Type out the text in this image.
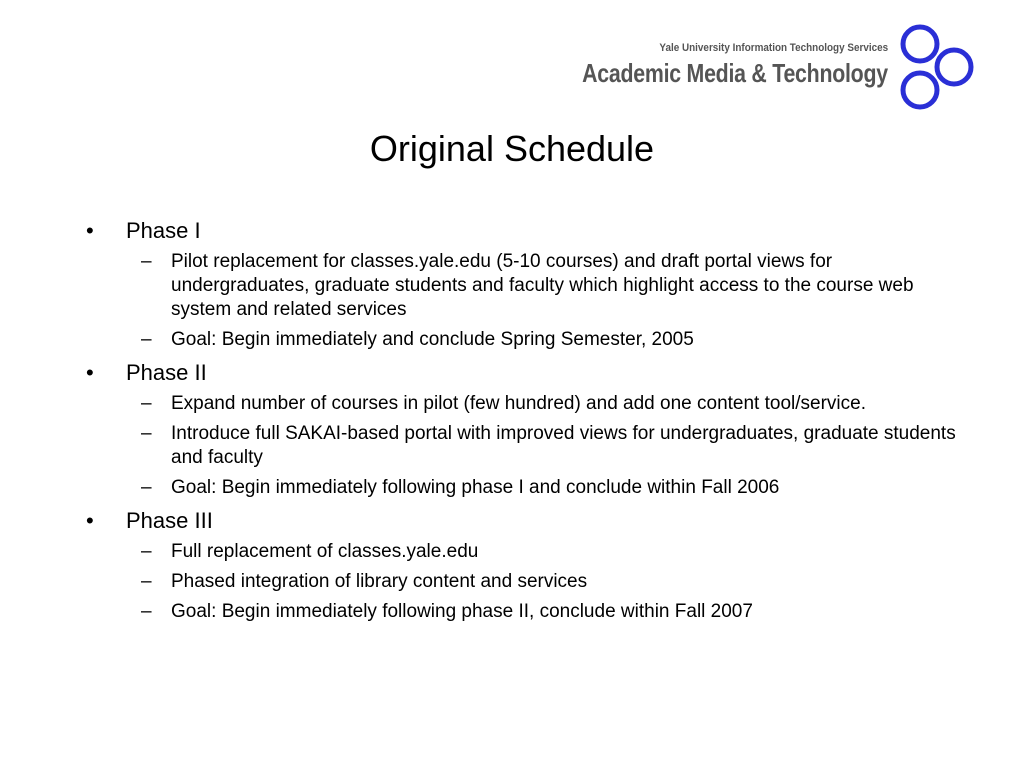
Yale University Information Technology Services
Academic Media & Technology
Original Schedule
• Phase I
– Pilot replacement for classes.yale.edu (5-10 courses) and draft portal views for undergraduates, graduate students and faculty which highlight access to the course web system and related services
– Goal: Begin immediately and conclude Spring Semester, 2005
• Phase II
– Expand number of courses in pilot (few hundred) and add one content tool/service.
– Introduce full SAKAI-based portal with improved views for undergraduates, graduate students and faculty
– Goal: Begin immediately following phase I and conclude within Fall 2006
• Phase III
– Full replacement of classes.yale.edu
– Phased integration of library content and services
– Goal: Begin immediately following phase II, conclude within Fall 2007
